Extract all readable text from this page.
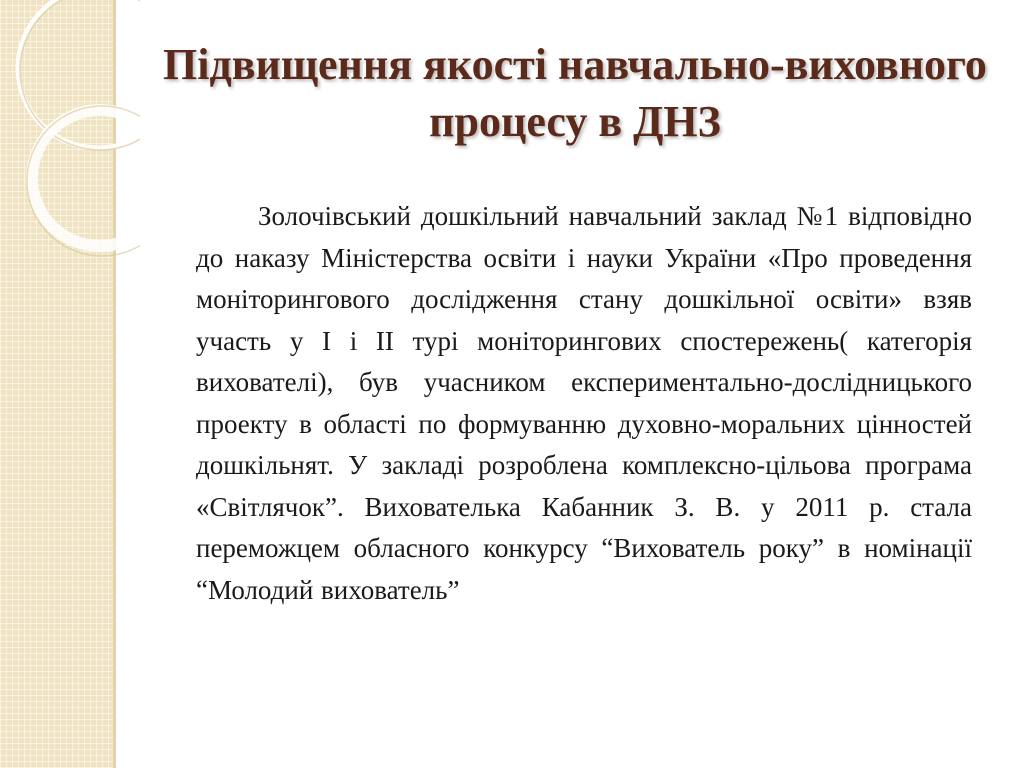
Підвищення якості навчально-виховного процесу в ДНЗ

Золочівський дошкільний навчальний заклад №1 відповідно до наказу Міністерства освіти і науки України «Про проведення моніторингового дослідження стану дошкільної освіти» взяв участь у І і ІІ турі моніторингових спостережень( категорія вихователі), був учасником експериментально-дослідницького проекту в області по формуванню духовно-моральних цінностей дошкільнят. У закладі розроблена комплексно-цільова програма «Світлячок”. Вихователька Кабанник З. В. у 2011 р. стала переможцем обласного конкурсу “Вихователь року” в номінації “Молодий вихователь”
